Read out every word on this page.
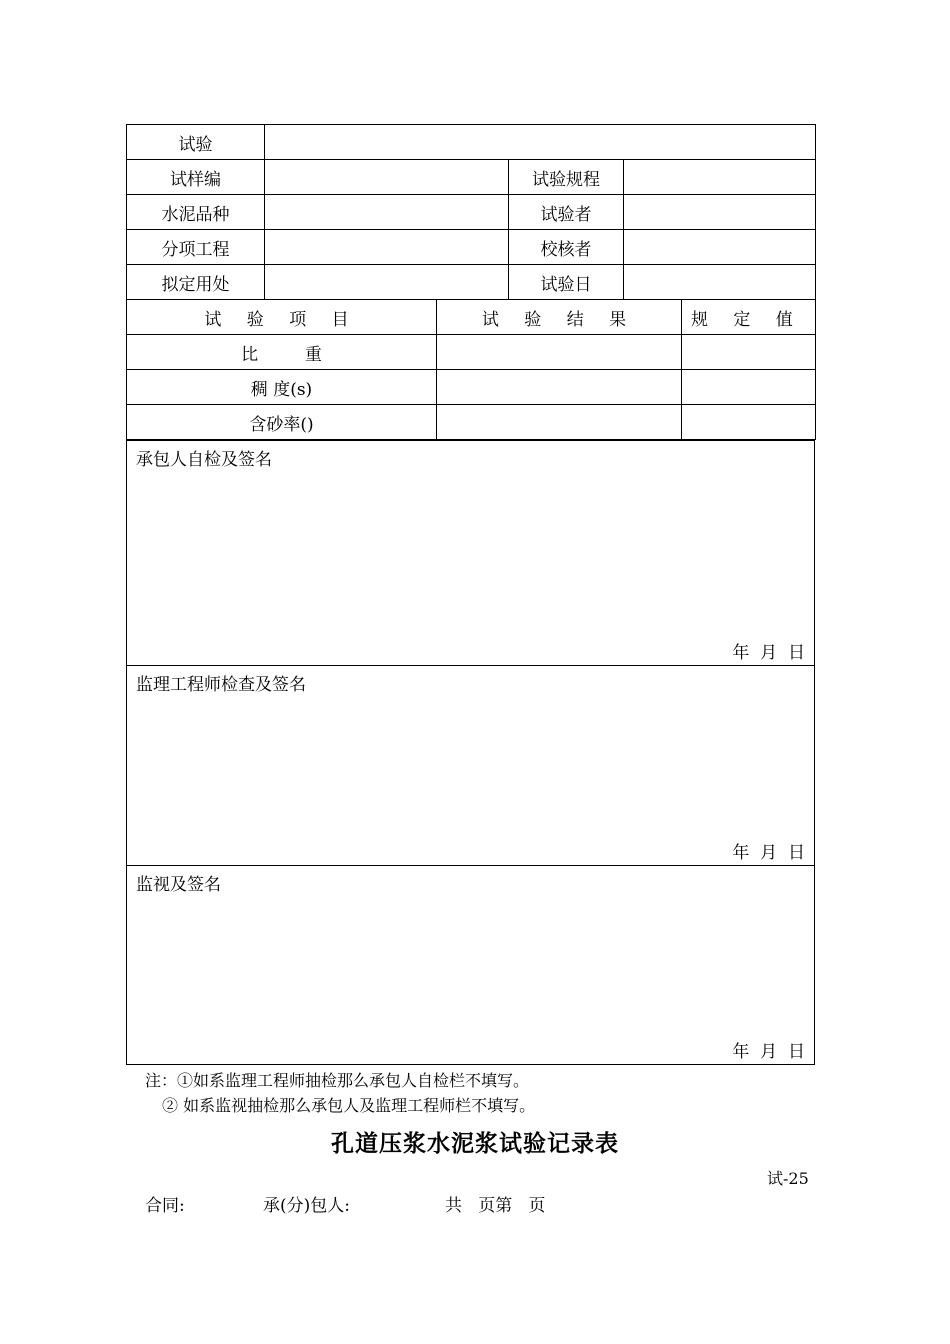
试验			
试样编		试验规程	
水泥品种		试验者	
分项工程		校核者	
拟定用处		试验日	
试 验 项 目	试 验 结 果	规 定 值
比  重		
稠 度(s)		
含砂率()		
承包人自检及签名
年  月  日

监理工程师检查及签名
年  月  日

监视及签名
年  月  日
注：①如系监理工程师抽检那么承包人自检栏不填写。
② 如系监视抽检那么承包人及监理工程师栏不填写。
孔道压浆水泥浆试验记录表
试-25
合同:	承(分)包人:	共   页第   页
